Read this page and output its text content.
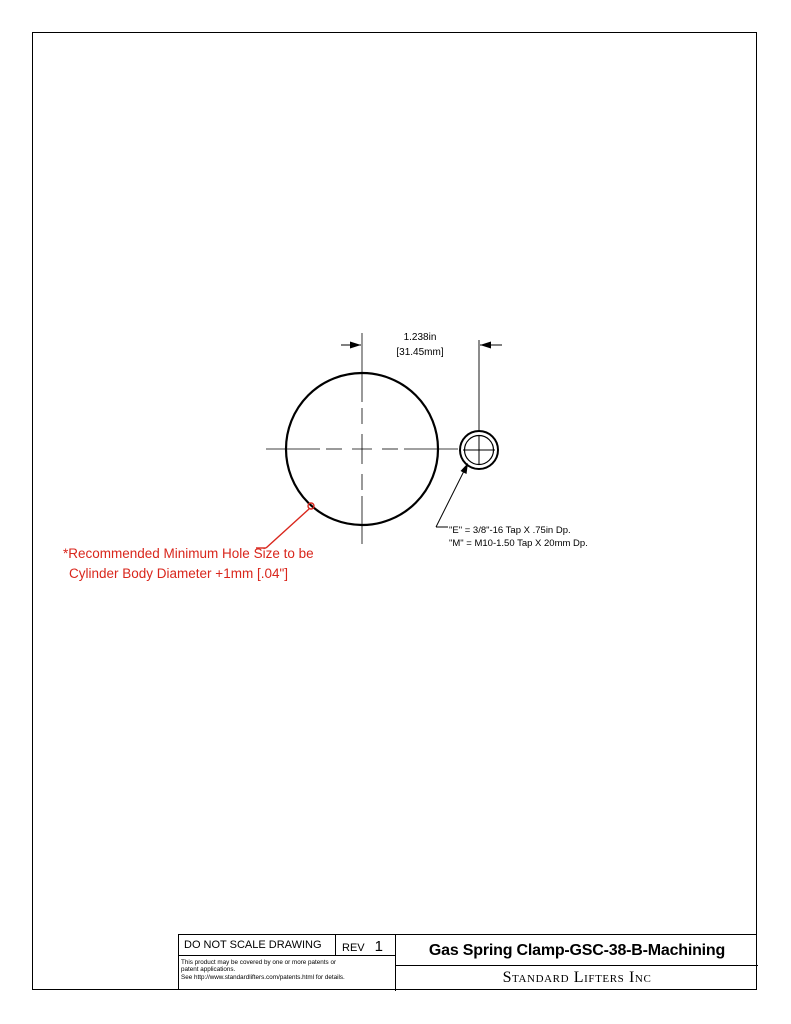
1.238in
[31.45mm]
"E" = 3/8"-16 Tap X .75in Dp.
"M" = M10-1.50 Tap X 20mm Dp.
*Recommended Minimum Hole Size to be
Cylinder Body Diameter +1mm [.04"]
DO NOT SCALE DRAWING	REV 1
This product may be covered by one or more patents or
patent applications.
See http://www.standardlifters.com/patents.html for details.
Gas Spring Clamp-GSC-38-B-Machining
Standard Lifters Inc
